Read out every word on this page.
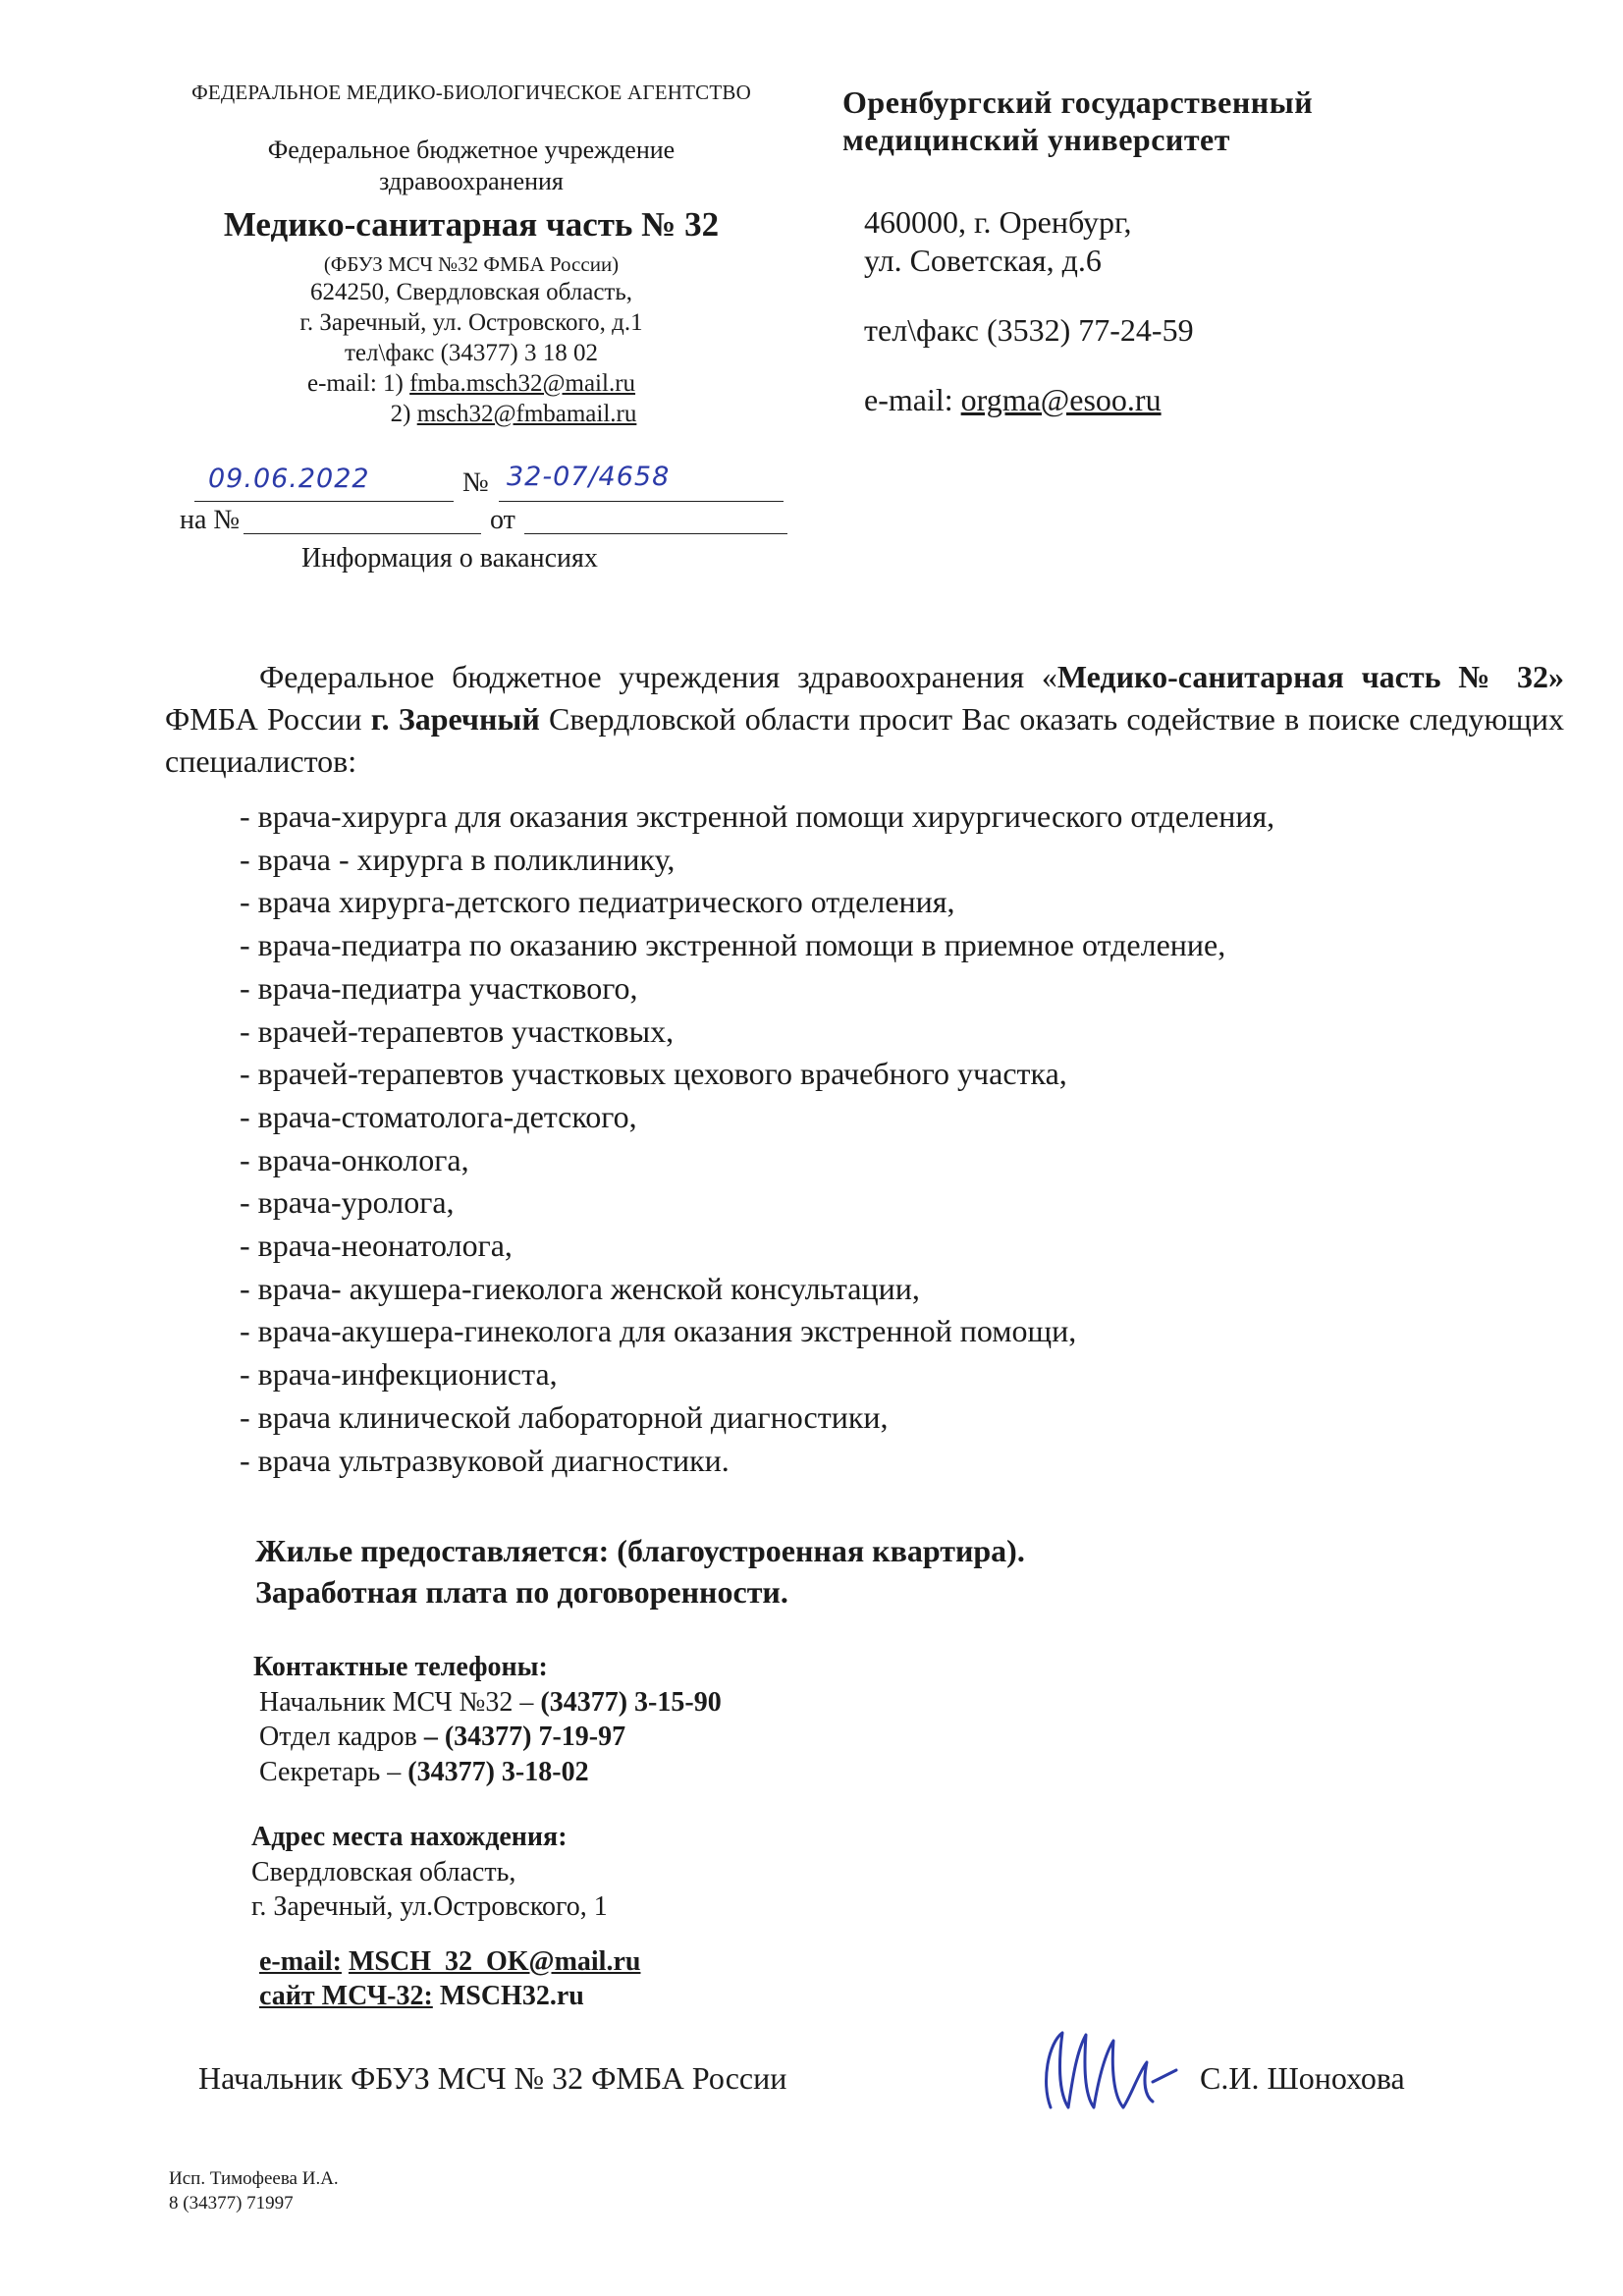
ФЕДЕРАЛЬНОЕ МЕДИКО-БИОЛОГИЧЕСКОЕ АГЕНТСТВО
Федеральное бюджетное учреждение
здравоохранения
Медико-санитарная часть № 32
(ФБУЗ МСЧ №32 ФМБА России)
624250, Свердловская область,
г. Заречный, ул. Островского, д.1
тел\факс (34377) 3 18 02
e-mail: 1) fmba.msch32@mail.ru
2) msch32@fmbamail.ru
09.06.2022	№ 32-07/4658
на №	от
Информация о вакансиях
Оренбургский государственный
медицинский университет
460000, г. Оренбург,
ул. Советская, д.6
тел\факс (3532) 77-24-59
e-mail: orgma@esoo.ru
Федеральное бюджетное учреждения здравоохранения «Медико-санитарная часть № 32» ФМБА России г. Заречный Свердловской области просит Вас оказать содействие в поиске следующих специалистов:
- врача-хирурга для оказания экстренной помощи хирургического отделения,
- врача - хирурга в поликлинику,
- врача хирурга-детского педиатрического отделения,
- врача-педиатра по оказанию экстренной помощи в приемное отделение,
- врача-педиатра участкового,
- врачей-терапевтов участковых,
- врачей-терапевтов участковых цехового врачебного участка,
- врача-стоматолога-детского,
- врача-онколога,
- врача-уролога,
- врача-неонатолога,
- врача- акушера-гиеколога женской консультации,
- врача-акушера-гинеколога для оказания экстренной помощи,
- врача-инфекциониста,
- врача клинической лабораторной диагностики,
- врача ультразвуковой диагностики.
Жилье предоставляется: (благоустроенная квартира).
Заработная плата по договоренности.
Контактные телефоны:
Начальник МСЧ №32 – (34377) 3-15-90
Отдел кадров – (34377) 7-19-97
Секретарь – (34377) 3-18-02
Адрес места нахождения:
Свердловская область,
г. Заречный, ул.Островского, 1
e-mail: MSCH_32_OK@mail.ru
сайт МСЧ-32: MSCH32.ru
Начальник ФБУЗ МСЧ № 32 ФМБА России	С.И. Шонохова
Исп. Тимофеева И.А.
8 (34377) 71997
